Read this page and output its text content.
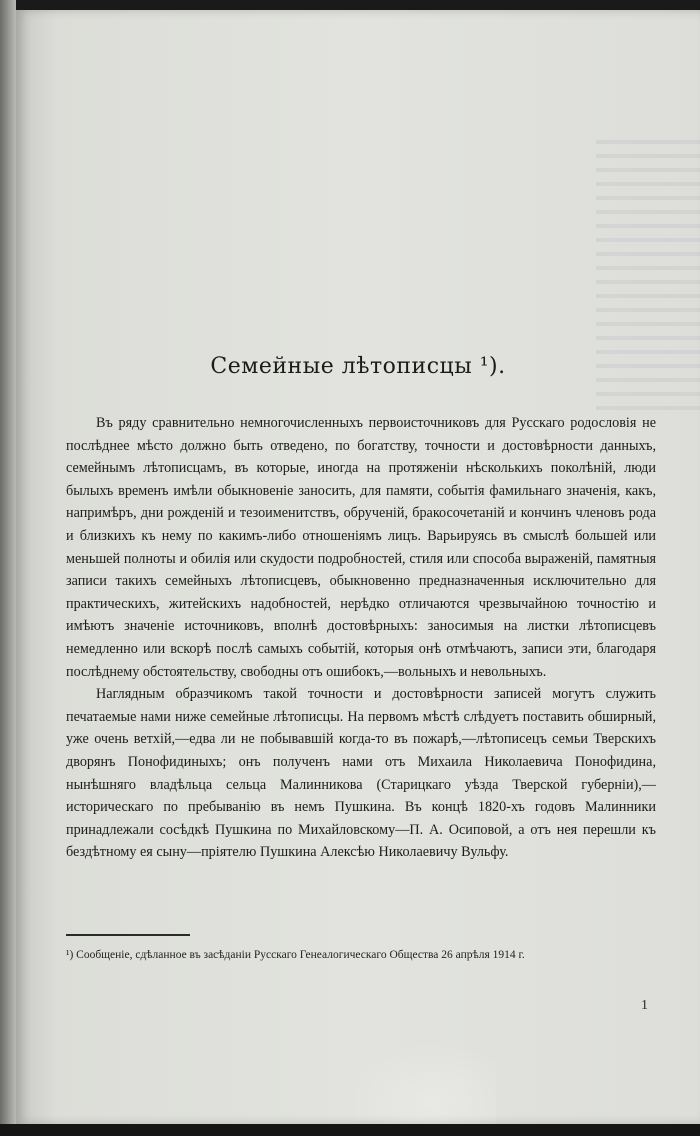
Семейные лѣтописцы ¹).

Въ ряду сравнительно немногочисленныхъ первоисточниковъ для Русскаго родословія не послѣднее мѣсто должно быть отведено, по богатству, точности и достовѣрности данныхъ, семейнымъ лѣтописцамъ, въ которые, иногда на протяженіи нѣсколькихъ поколѣній, люди былыхъ временъ имѣли обыкновеніе заносить, для памяти, событія фамильнаго значенія, какъ, напримѣръ, дни рожденій и тезоименитствъ, обрученій, бракосочетаній и кончинъ членовъ рода и близкихъ къ нему по какимъ-либо отношеніямъ лицъ. Варьируясь въ смыслѣ большей или меньшей полноты и обилія или скудости подробностей, стиля или способа выраженій, памятныя записи такихъ семейныхъ лѣтописцевъ, обыкновенно предназначенныя исключительно для практическихъ, житейскихъ надобностей, нерѣдко отличаются чрезвычайною точностію и имѣютъ значеніе источниковъ, вполнѣ достовѣрныхъ: заносимыя на листки лѣтописцевъ немедленно или вскорѣ послѣ самыхъ событій, которыя онѣ отмѣчаютъ, записи эти, благодаря послѣднему обстоятельству, свободны отъ ошибокъ,—вольныхъ и невольныхъ.

Наглядным образчикомъ такой точности и достовѣрности записей могутъ служить печатаемые нами ниже семейные лѣтописцы. На первомъ мѣстѣ слѣдуетъ поставить обширный, уже очень ветхій,—едва ли не побывавшій когда-то въ пожарѣ,—лѣтописецъ семьи Тверскихъ дворянъ Понофидиныхъ; онъ полученъ нами отъ Михаила Николаевича Понофидина, нынѣшняго владѣльца сельца Малинникова (Старицкаго уѣзда Тверской губерніи),—историческаго по пребыванію въ немъ Пушкина. Въ концѣ 1820-хъ годовъ Малинники принадлежали сосѣдкѣ Пушкина по Михайловскому—П. А. Осиповой, а отъ нея перешли къ бездѣтному ея сыну—пріятелю Пушкина Алексѣю Николаевичу Вульфу.

¹) Сообщеніе, сдѣланное въ засѣданіи Русскаго Генеалогическаго Общества 26 апрѣля 1914 г.
1
